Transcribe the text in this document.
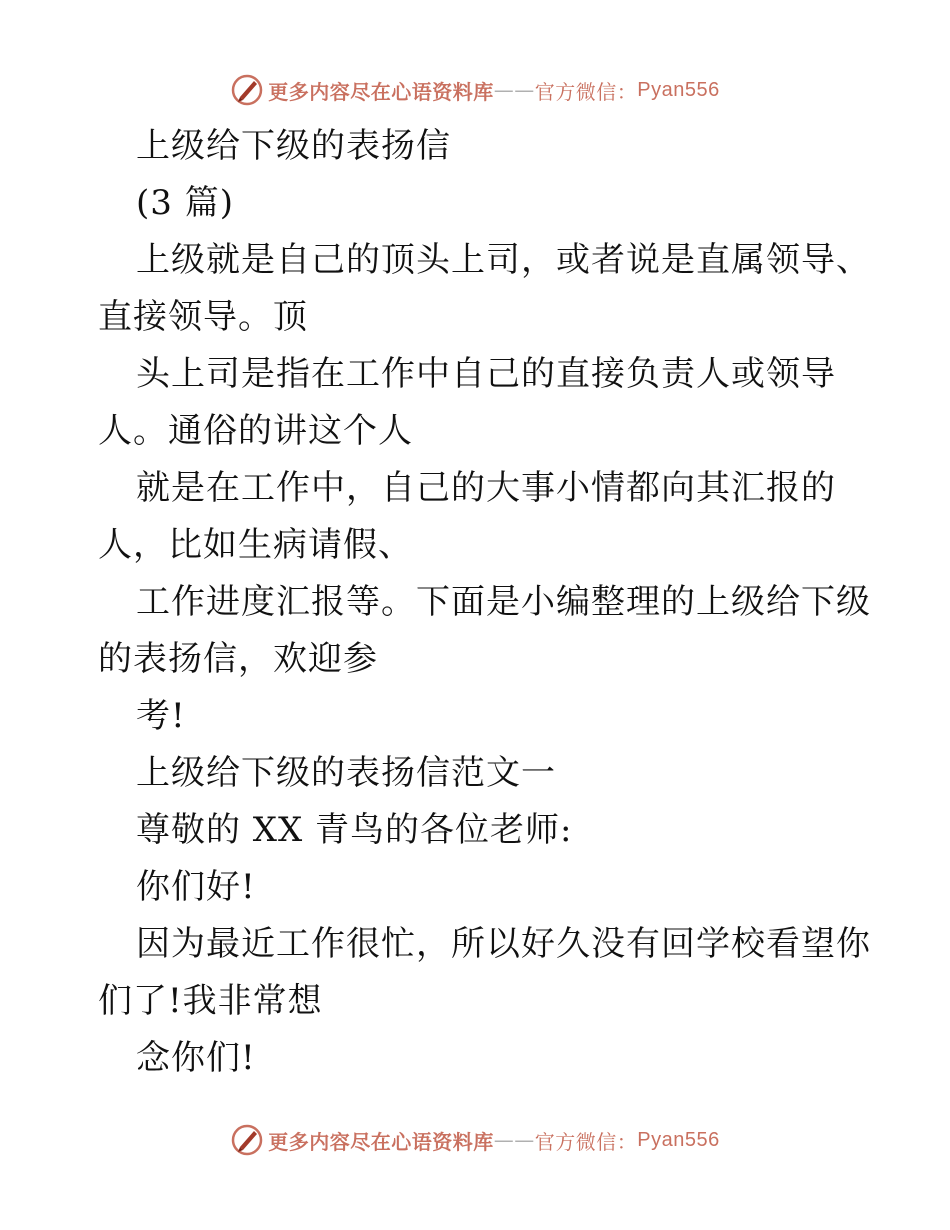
更多内容尽在心语资料库 —— 官方微信： Pyan556
上级给下级的表扬信
(3 篇)
上级就是自己的顶头上司，或者说是直属领导、
直接领导。顶
头上司是指在工作中自己的直接负责人或领导
人。通俗的讲这个人
就是在工作中，自己的大事小情都向其汇报的
人，比如生病请假、
工作进度汇报等。下面是小编整理的上级给下级
的表扬信，欢迎参
考!
上级给下级的表扬信范文一
尊敬的 XX 青鸟的各位老师:
你们好!
因为最近工作很忙，所以好久没有回学校看望你
们了!我非常想
念你们!
更多内容尽在心语资料库 —— 官方微信： Pyan556
